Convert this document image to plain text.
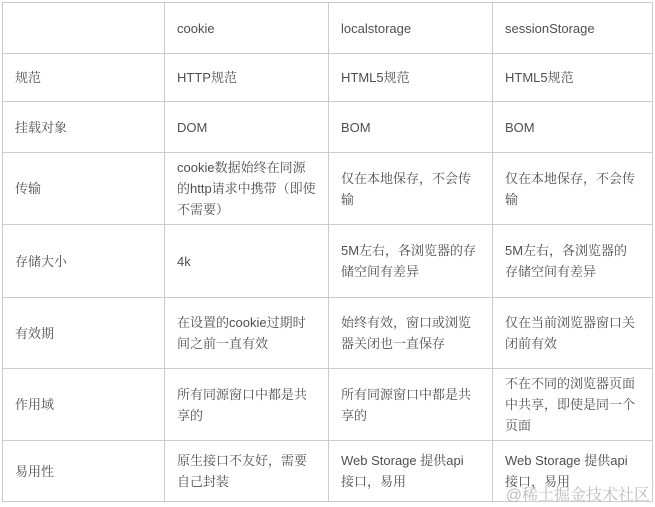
	cookie	localstorage	sessionStorage
规范	HTTP规范	HTML5规范	HTML5规范
挂载对象	DOM	BOM	BOM
传输	cookie数据始终在同源的http请求中携带（即使不需要）	仅在本地保存，不会传输	仅在本地保存，不会传输
存储大小	4k	5M左右，各浏览器的存储空间有差异	5M左右，各浏览器的存储空间有差异
有效期	在设置的cookie过期时间之前一直有效	始终有效，窗口或浏览器关闭也一直保存	仅在当前浏览器窗口关闭前有效
作用域	所有同源窗口中都是共享的	所有同源窗口中都是共享的	不在不同的浏览器页面中共享，即使是同一个页面
易用性	原生接口不友好，需要自己封装	Web Storage 提供api 接口，易用	Web Storage 提供api 接口，易用
@稀土掘金技术社区
